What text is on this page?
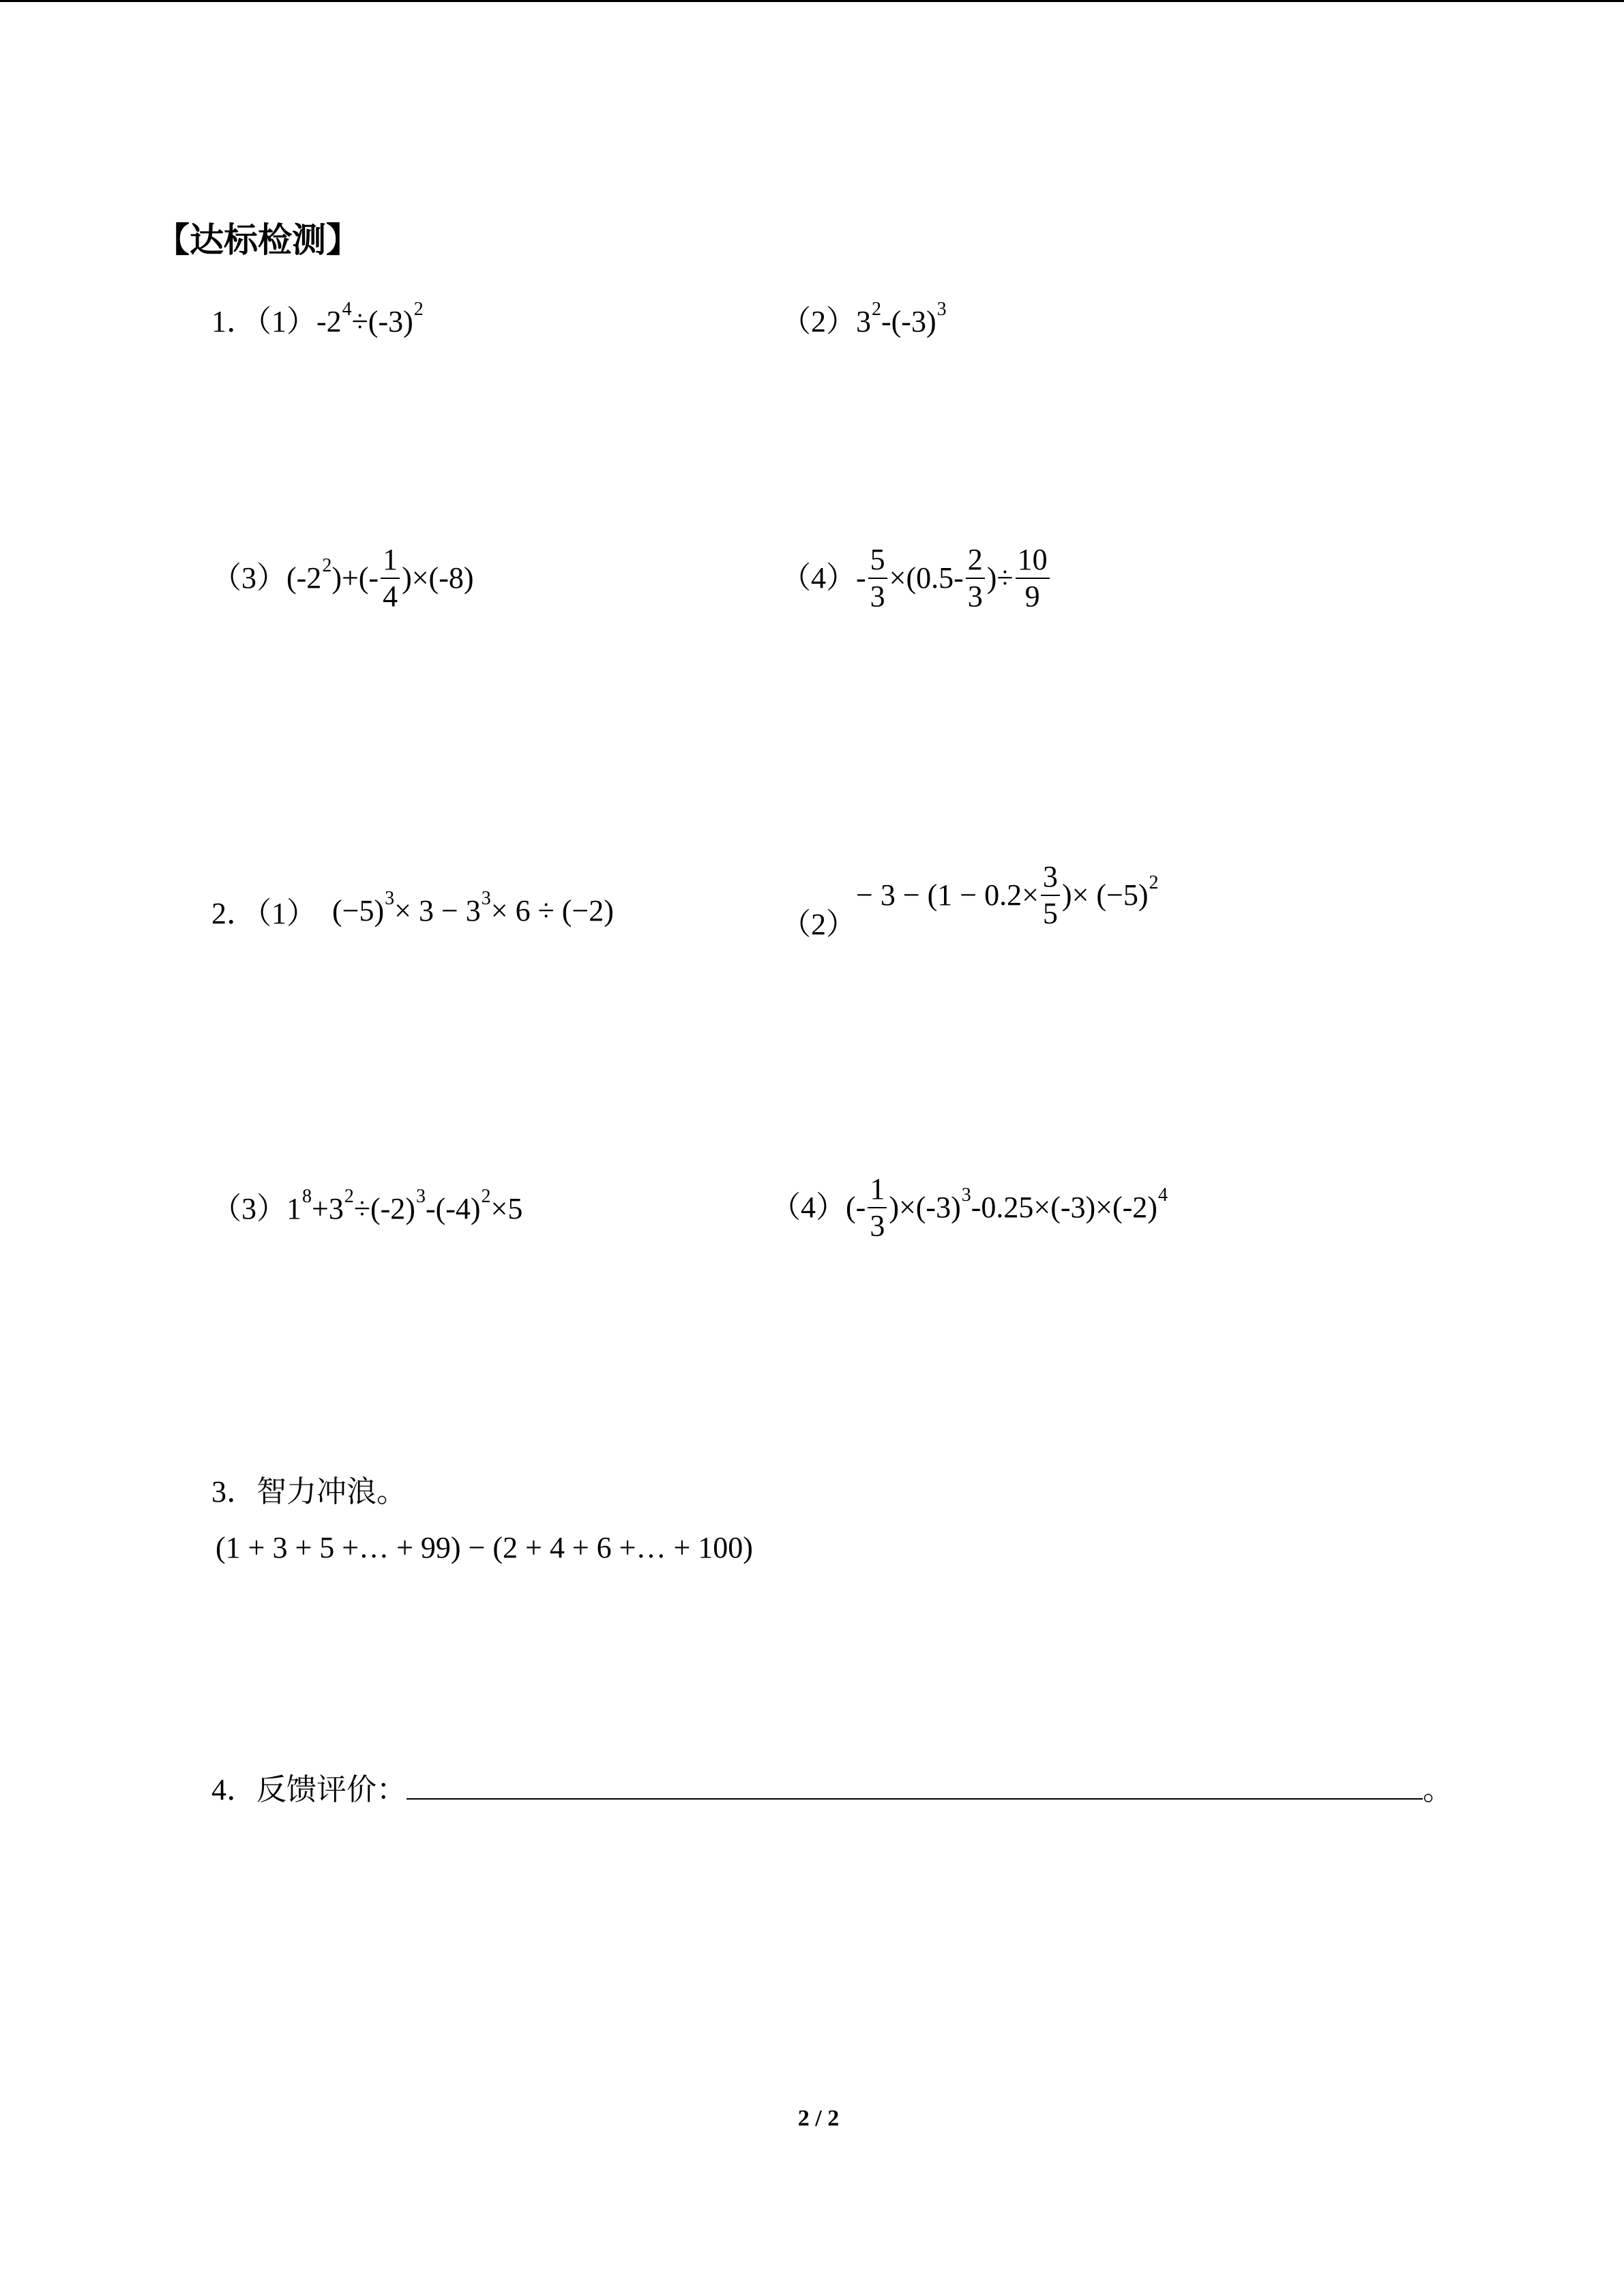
【达标检测】
1．（1） $-2^4 \div(-3)^2$	（2） $3^2$ $-(-3)^3$
（3） ($-2^2$ )+(- $\frac{1}{4} )\times(-8)$	$(4) - \frac{5}{3} \times(0.5- \frac{2}{3}$ )÷ $\frac{10}{9}$
2．（1） $(-5)^3 \times 3 - 3^3 \times 6 \div (-2)$	（2）
− $3 - (1 - 0.2\times \frac{3}{5}$ )× $(-5)^2$
（3） $1^8 +3^2 \div(-2)^3$ $-(-4)^2 \times 5$	（4） (- $\frac{1}{3} )\times(-3)^3$ $-0.25\times(-3)\times(-2)^4$
3．智力冲浪。
(1 + 3 + 5 +… + 99) − (2 + 4 + 6 +… + 100)
4．反馈评价：	。
2 / 2
